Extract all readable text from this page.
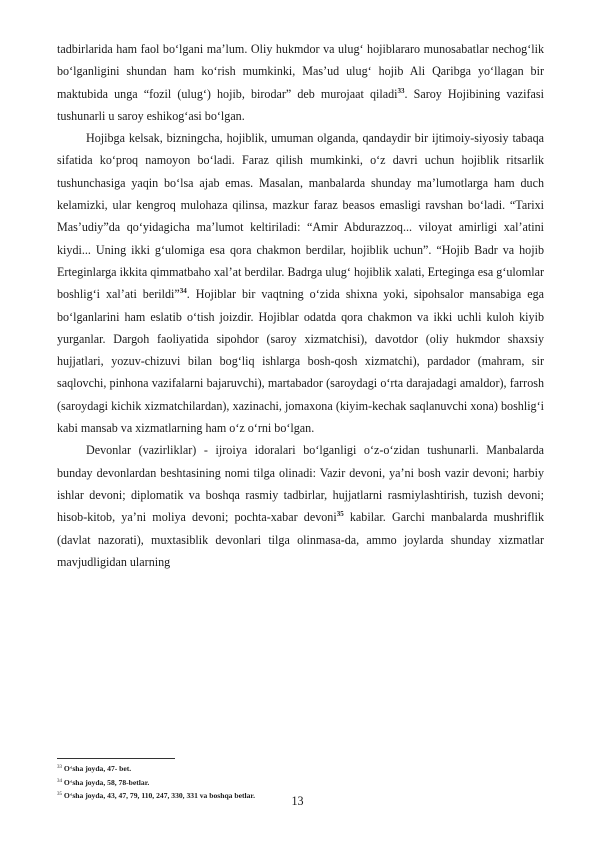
tadbirlarida ham faol bo‘lgani ma’lum. Oliy hukmdor va ulug‘ hojiblararo munosabatlar nechog‘lik bo‘lganligini shundan ham ko‘rish mumkinki, Mas’ud ulug‘ hojib Ali Qaribga yo‘llagan bir maktubida unga “fozil (ulug‘) hojib, birodar” deb murojaat qiladi$^{33}$. Saroy Hojibining vazifasi tushunarli u saroy eshikog‘asi bo‘lgan.

Hojibga kelsak, bizningcha, hojiblik, umuman olganda, qandaydir bir ijtimoiy-siyosiy tabaqa sifatida ko‘proq namoyon bo‘ladi. Faraz qilish mumkinki, o‘z davri uchun hojiblik ritsarlik tushunchasiga yaqin bo‘lsa ajab emas. Masalan, manbalarda shunday ma’lumotlarga ham duch kelamizki, ular kengroq mulohaza qilinsa, mazkur faraz beasos emasligi ravshan bo‘ladi. “Tarixi Mas’udiy”da qo‘yidagicha ma’lumot keltiriladi: “Amir Abdurazzoq... viloyat amirligi xal’atini kiydi... Uning ikki g‘ulomiga esa qora chakmon berdilar, hojiblik uchun”. “Hojib Badr va hojib Erteginlarga ikkita qimmatbaho xal’at berdilar. Badrga ulug‘ hojiblik xalati, Erteginga esa g‘ulomlar boshlig‘i xal’ati berildi”$^{34}$. Hojiblar bir vaqtning o‘zida shixna yoki, sipohsalor mansabiga ega bo‘lganlarini ham eslatib o‘tish joizdir. Hojiblar odatda qora chakmon va ikki uchli kuloh kiyib yurganlar. Dargoh faoliyatida sipohdor (saroy xizmatchisi), davotdor (oliy hukmdor shaxsiy hujjatlari, yozuv-chizuvi bilan bog‘liq ishlarga bosh-qosh xizmatchi), pardador (mahram, sir saqlovchi, pinhona vazifalarni bajaruvchi), martabador (saroydagi o‘rta darajadagi amaldor), farrosh (saroydagi kichik xizmatchilardan), xazinachi, jomaxona (kiyim-kechak saqlanuvchi xona) boshlig‘i kabi mansab va xizmatlarning ham o‘z o‘rni bo‘lgan.

Devonlar (vazirliklar) - ijroiya idoralari bo‘lganligi o‘z-o‘zidan tushunarli. Manbalarda bunday devonlardan beshtasining nomi tilga olinadi: Vazir devoni, ya’ni bosh vazir devoni; harbiy ishlar devoni; diplomatik va boshqa rasmiy tadbirlar, hujjatlarni rasmiylashtirish, tuzish devoni; hisob-kitob, ya’ni moliya devoni; pochta-xabar devoni$^{35}$ kabilar. Garchi manbalarda mushriflik (davlat nazorati), muxtasiblik devonlari tilga olinmasa-da, ammo joylarda shunday xizmatlar mavjudligidan ularning

$^{33}$ O‘sha joyda, 47- bet.
$^{34}$ O‘sha joyda, 58, 78-betlar.
$^{35}$ O‘sha joyda, 43, 47, 79, 110, 247, 330, 331 va boshqa betlar.	13
